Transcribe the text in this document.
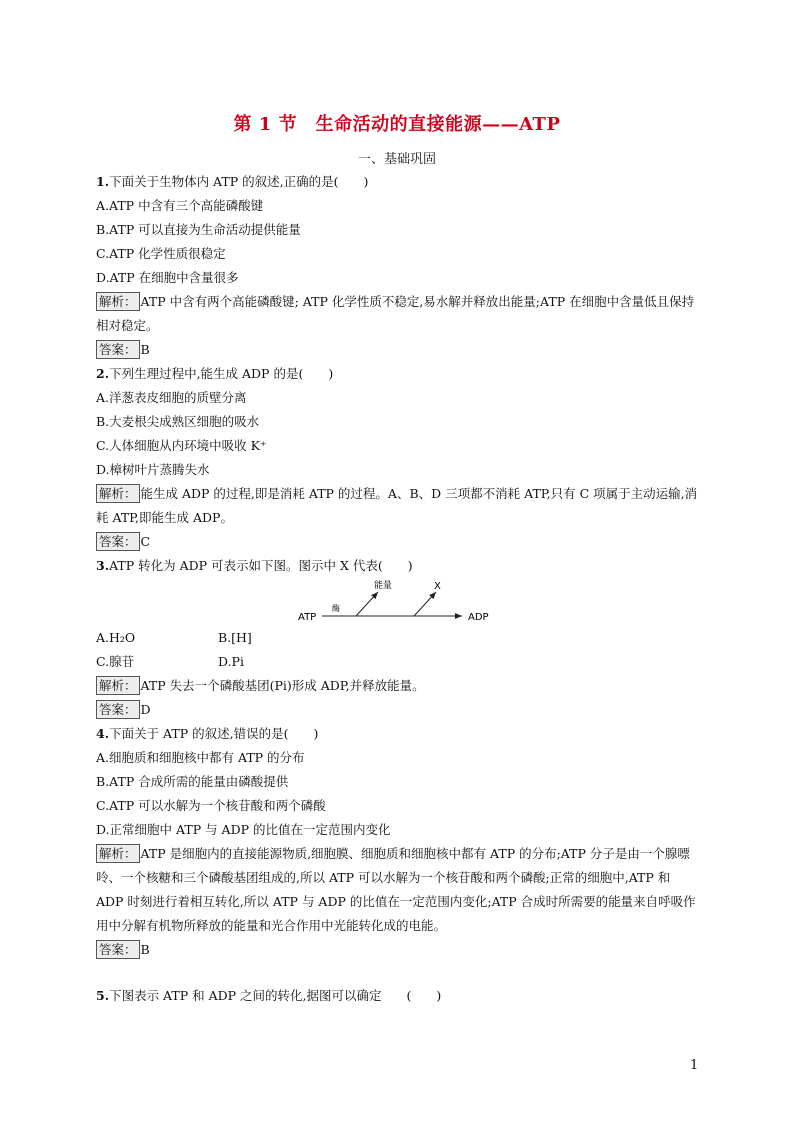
第 1 节　生命活动的直接能源——ATP
一、基础巩固
1.下面关于生物体内 ATP 的叙述,正确的是(　　)
A.ATP 中含有三个高能磷酸键
B.ATP 可以直接为生命活动提供能量
C.ATP 化学性质很稳定
D.ATP 在细胞中含量很多
解析： ATP 中含有两个高能磷酸键; ATP 化学性质不稳定,易水解并释放出能量;ATP 在细胞中含量低且保持相对稳定。
答案： B
2.下列生理过程中,能生成 ADP 的是(　　)
A.洋葱表皮细胞的质壁分离
B.大麦根尖成熟区细胞的吸水
C.人体细胞从内环境中吸收 K⁺
D.樟树叶片蒸腾失水
解析： 能生成 ADP 的过程,即是消耗 ATP 的过程。A、B、D 三项都不消耗 ATP,只有 C 项属于主动运输,消耗 ATP,即能生成 ADP。
答案： C
3.ATP 转化为 ADP 可表示如下图。图示中 X 代表(　　)
ATP
酶
能量	X
ADP
A.H₂O	B.[H]
C.腺苷	D.Pi
解析： ATP 失去一个磷酸基团(Pi)形成 ADP,并释放能量。
答案： D
4.下面关于 ATP 的叙述,错误的是(　　)
A.细胞质和细胞核中都有 ATP 的分布
B.ATP 合成所需的能量由磷酸提供
C.ATP 可以水解为一个核苷酸和两个磷酸
D.正常细胞中 ATP 与 ADP 的比值在一定范围内变化
解析： ATP 是细胞内的直接能源物质,细胞膜、细胞质和细胞核中都有 ATP 的分布;ATP 分子是由一个腺嘌呤、一个核糖和三个磷酸基团组成的,所以 ATP 可以水解为一个核苷酸和两个磷酸;正常的细胞中,ATP 和 ADP 时刻进行着相互转化,所以 ATP 与 ADP 的比值在一定范围内变化;ATP 合成时所需要的能量来自呼吸作用中分解有机物所释放的能量和光合作用中光能转化成的电能。
答案： B
5.下图表示 ATP 和 ADP 之间的转化,据图可以确定　　(　　)
1
